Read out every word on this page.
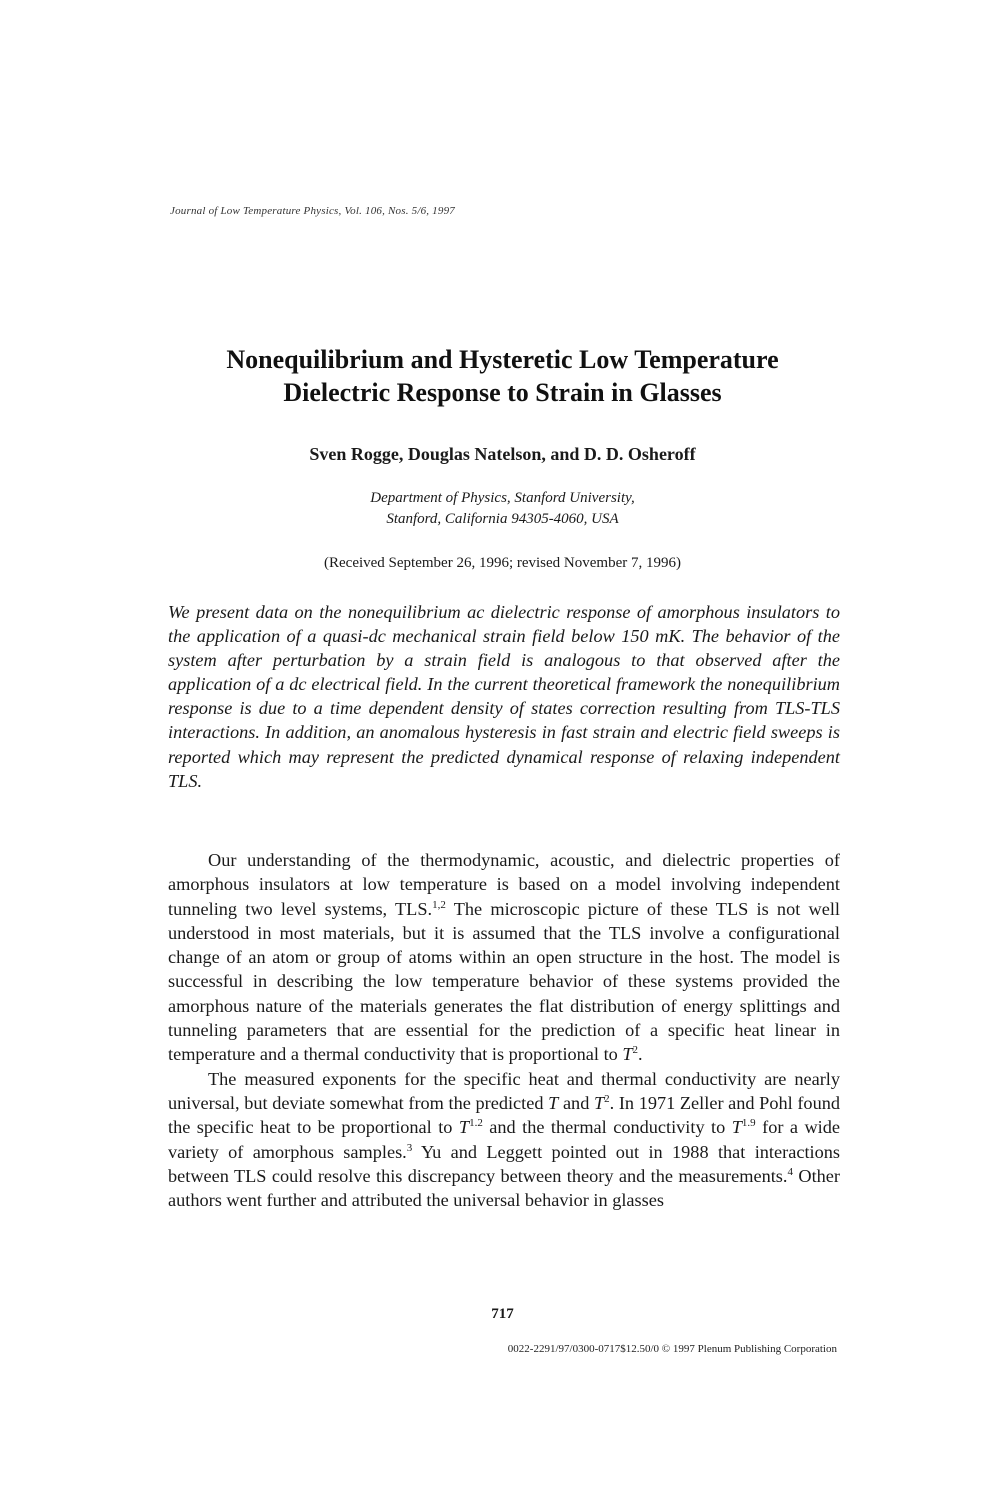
Journal of Low Temperature Physics, Vol. 106, Nos. 5/6, 1997
Nonequilibrium and Hysteretic Low Temperature
Dielectric Response to Strain in Glasses
Sven Rogge, Douglas Natelson, and D. D. Osheroff
Department of Physics, Stanford University,
Stanford, California 94305-4060, USA
(Received September 26, 1996; revised November 7, 1996)

We present data on the nonequilibrium ac dielectric response of amorphous insulators to the application of a quasi-dc mechanical strain field below 150 mK. The behavior of the system after perturbation by a strain field is analogous to that observed after the application of a dc electrical field. In the current theoretical framework the nonequilibrium response is due to a time dependent density of states correction resulting from TLS-TLS interactions. In addition, an anomalous hysteresis in fast strain and electric field sweeps is reported which may represent the predicted dynamical response of relaxing independent TLS.

Our understanding of the thermodynamic, acoustic, and dielectric properties of amorphous insulators at low temperature is based on a model involving independent tunneling two level systems, TLS.$^{1,2}$ The microscopic picture of these TLS is not well understood in most materials, but it is assumed that the TLS involve a configurational change of an atom or group of atoms within an open structure in the host. The model is successful in describing the low temperature behavior of these systems provided the amorphous nature of the materials generates the flat distribution of energy splittings and tunneling parameters that are essential for the prediction of a specific heat linear in temperature and a thermal conductivity that is proportional to $T^2$.

The measured exponents for the specific heat and thermal conductivity are nearly universal, but deviate somewhat from the predicted T and $T^2$. In 1971 Zeller and Pohl found the specific heat to be proportional to $T^{1.2}$ and the thermal conductivity to $T^{1.9}$ for a wide variety of amorphous samples.$^3$ Yu and Leggett pointed out in 1988 that interactions between TLS could resolve this discrepancy between theory and the measurements.$^4$ Other authors went further and attributed the universal behavior in glasses

717
0022-2291/97/0300-0717$12.50/0 © 1997 Plenum Publishing Corporation
